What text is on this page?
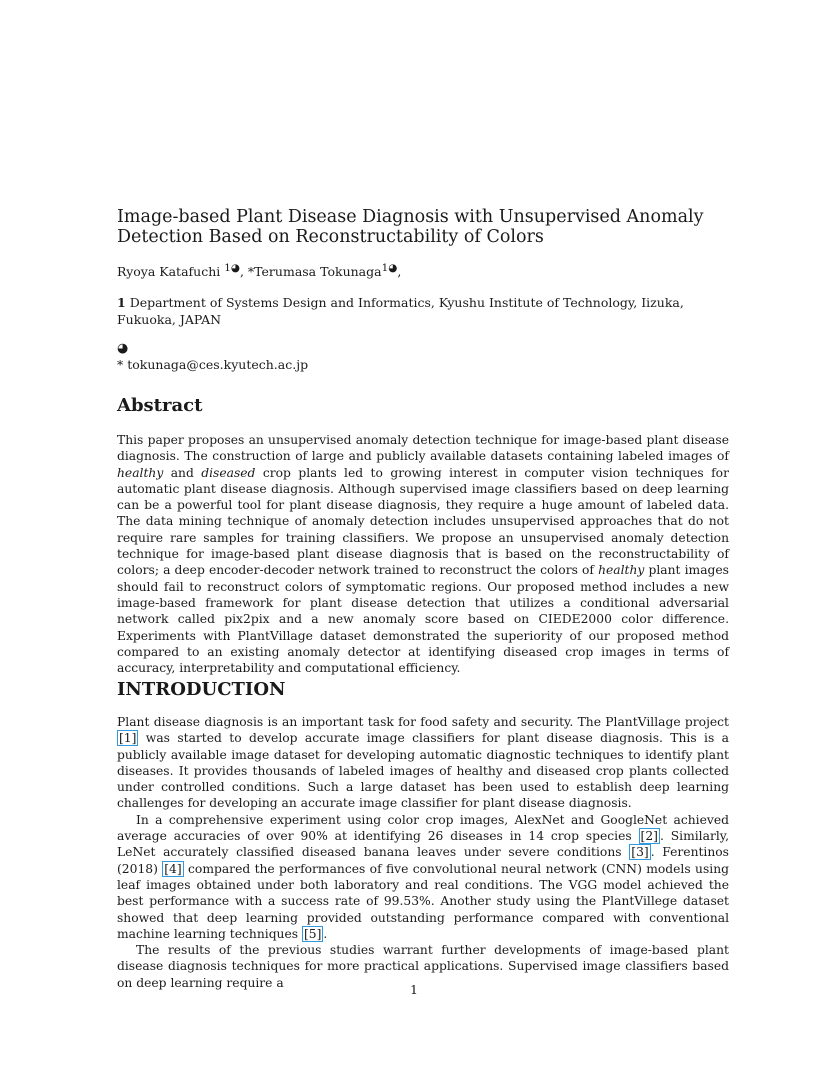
Image-based Plant Disease Diagnosis with Unsupervised Anomaly
Detection Based on Reconstructability of Colors
Ryoya Katafuchi $^{1◕}$, *Terumasa Tokunaga$^{1◕}$,
1 Department of Systems Design and Informatics, Kyushu Institute of Technology, Iizuka, Fukuoka, JAPAN
◕
* tokunaga@ces.kyutech.ac.jp
Abstract

This paper proposes an unsupervised anomaly detection technique for image-based plant disease diagnosis. The construction of large and publicly available datasets containing labeled images of healthy and diseased crop plants led to growing interest in computer vision techniques for automatic plant disease diagnosis. Although supervised image classifiers based on deep learning can be a powerful tool for plant disease diagnosis, they require a huge amount of labeled data. The data mining technique of anomaly detection includes unsupervised approaches that do not require rare samples for training classifiers. We propose an unsupervised anomaly detection technique for image-based plant disease diagnosis that is based on the reconstructability of colors; a deep encoder-decoder network trained to reconstruct the colors of healthy plant images should fail to reconstruct colors of symptomatic regions. Our proposed method includes a new image-based framework for plant disease detection that utilizes a conditional adversarial network called pix2pix and a new anomaly score based on CIEDE2000 color difference. Experiments with PlantVillage dataset demonstrated the superiority of our proposed method compared to an existing anomaly detector at identifying diseased crop images in terms of accuracy, interpretability and computational efficiency.

INTRODUCTION

Plant disease diagnosis is an important task for food safety and security. The PlantVillage project [1] was started to develop accurate image classifiers for plant disease diagnosis. This is a publicly available image dataset for developing automatic diagnostic techniques to identify plant diseases. It provides thousands of labeled images of healthy and diseased crop plants collected under controlled conditions. Such a large dataset has been used to establish deep learning challenges for developing an accurate image classifier for plant disease diagnosis.

In a comprehensive experiment using color crop images, AlexNet and GoogleNet achieved average accuracies of over 90% at identifying 26 diseases in 14 crop species [2] . Similarly, LeNet accurately classified diseased banana leaves under severe conditions [3] . Ferentinos (2018) [4] compared the performances of five convolutional neural network (CNN) models using leaf images obtained under both laboratory and real conditions. The VGG model achieved the best performance with a success rate of 99.53%. Another study using the PlantVillege dataset showed that deep learning provided outstanding performance compared with conventional machine learning techniques [5] .

The results of the previous studies warrant further developments of image-based plant disease diagnosis techniques for more practical applications. Supervised image classifiers based on deep learning require a	1
